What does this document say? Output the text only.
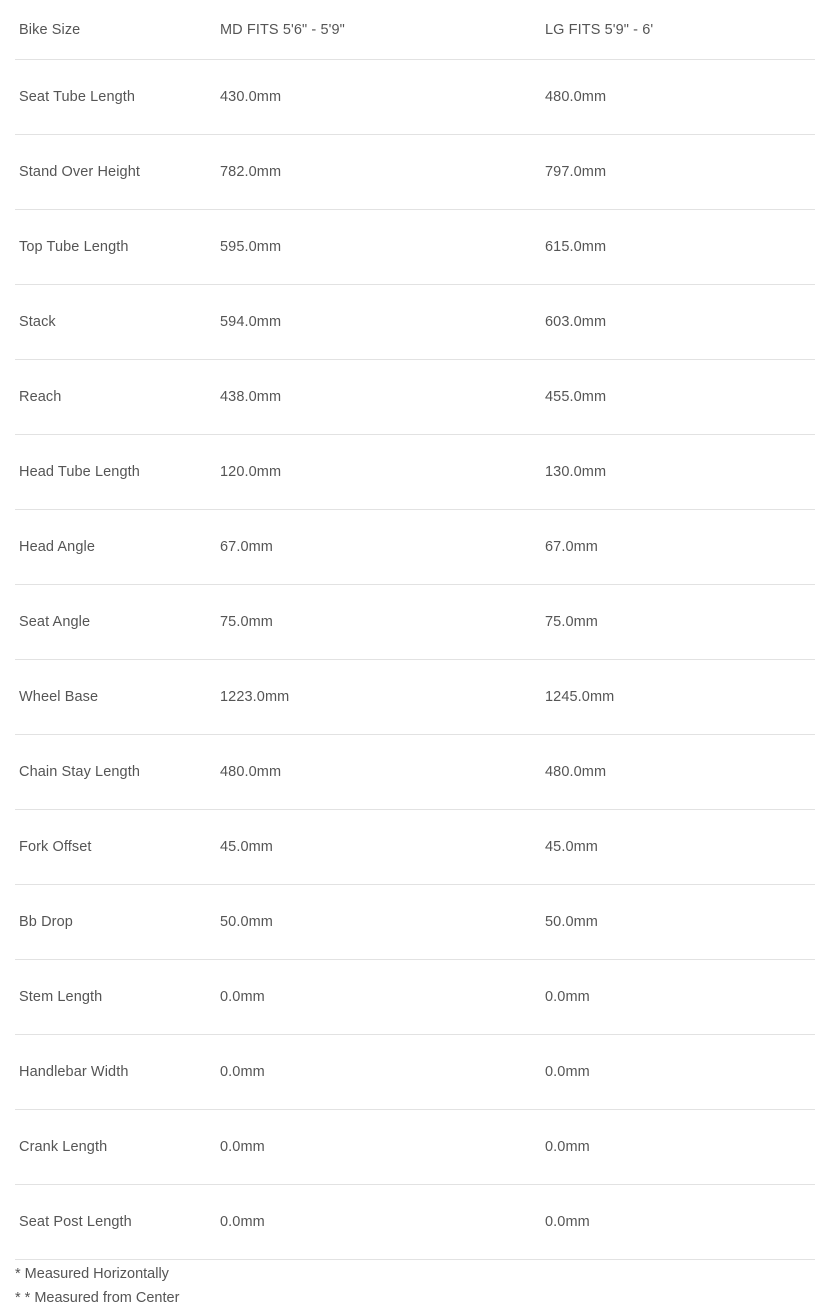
Bike Size	MD FITS 5'6" - 5'9"	LG FITS 5'9" - 6'
Seat Tube Length	430.0mm	480.0mm
Stand Over Height	782.0mm	797.0mm
Top Tube Length	595.0mm	615.0mm
Stack	594.0mm	603.0mm
Reach	438.0mm	455.0mm
Head Tube Length	120.0mm	130.0mm
Head Angle	67.0mm	67.0mm
Seat Angle	75.0mm	75.0mm
Wheel Base	1223.0mm	1245.0mm
Chain Stay Length	480.0mm	480.0mm
Fork Offset	45.0mm	45.0mm
Bb Drop	50.0mm	50.0mm
Stem Length	0.0mm	0.0mm
Handlebar Width	0.0mm	0.0mm
Crank Length	0.0mm	0.0mm
Seat Post Length	0.0mm	0.0mm
* Measured Horizontally
* * Measured from Center
